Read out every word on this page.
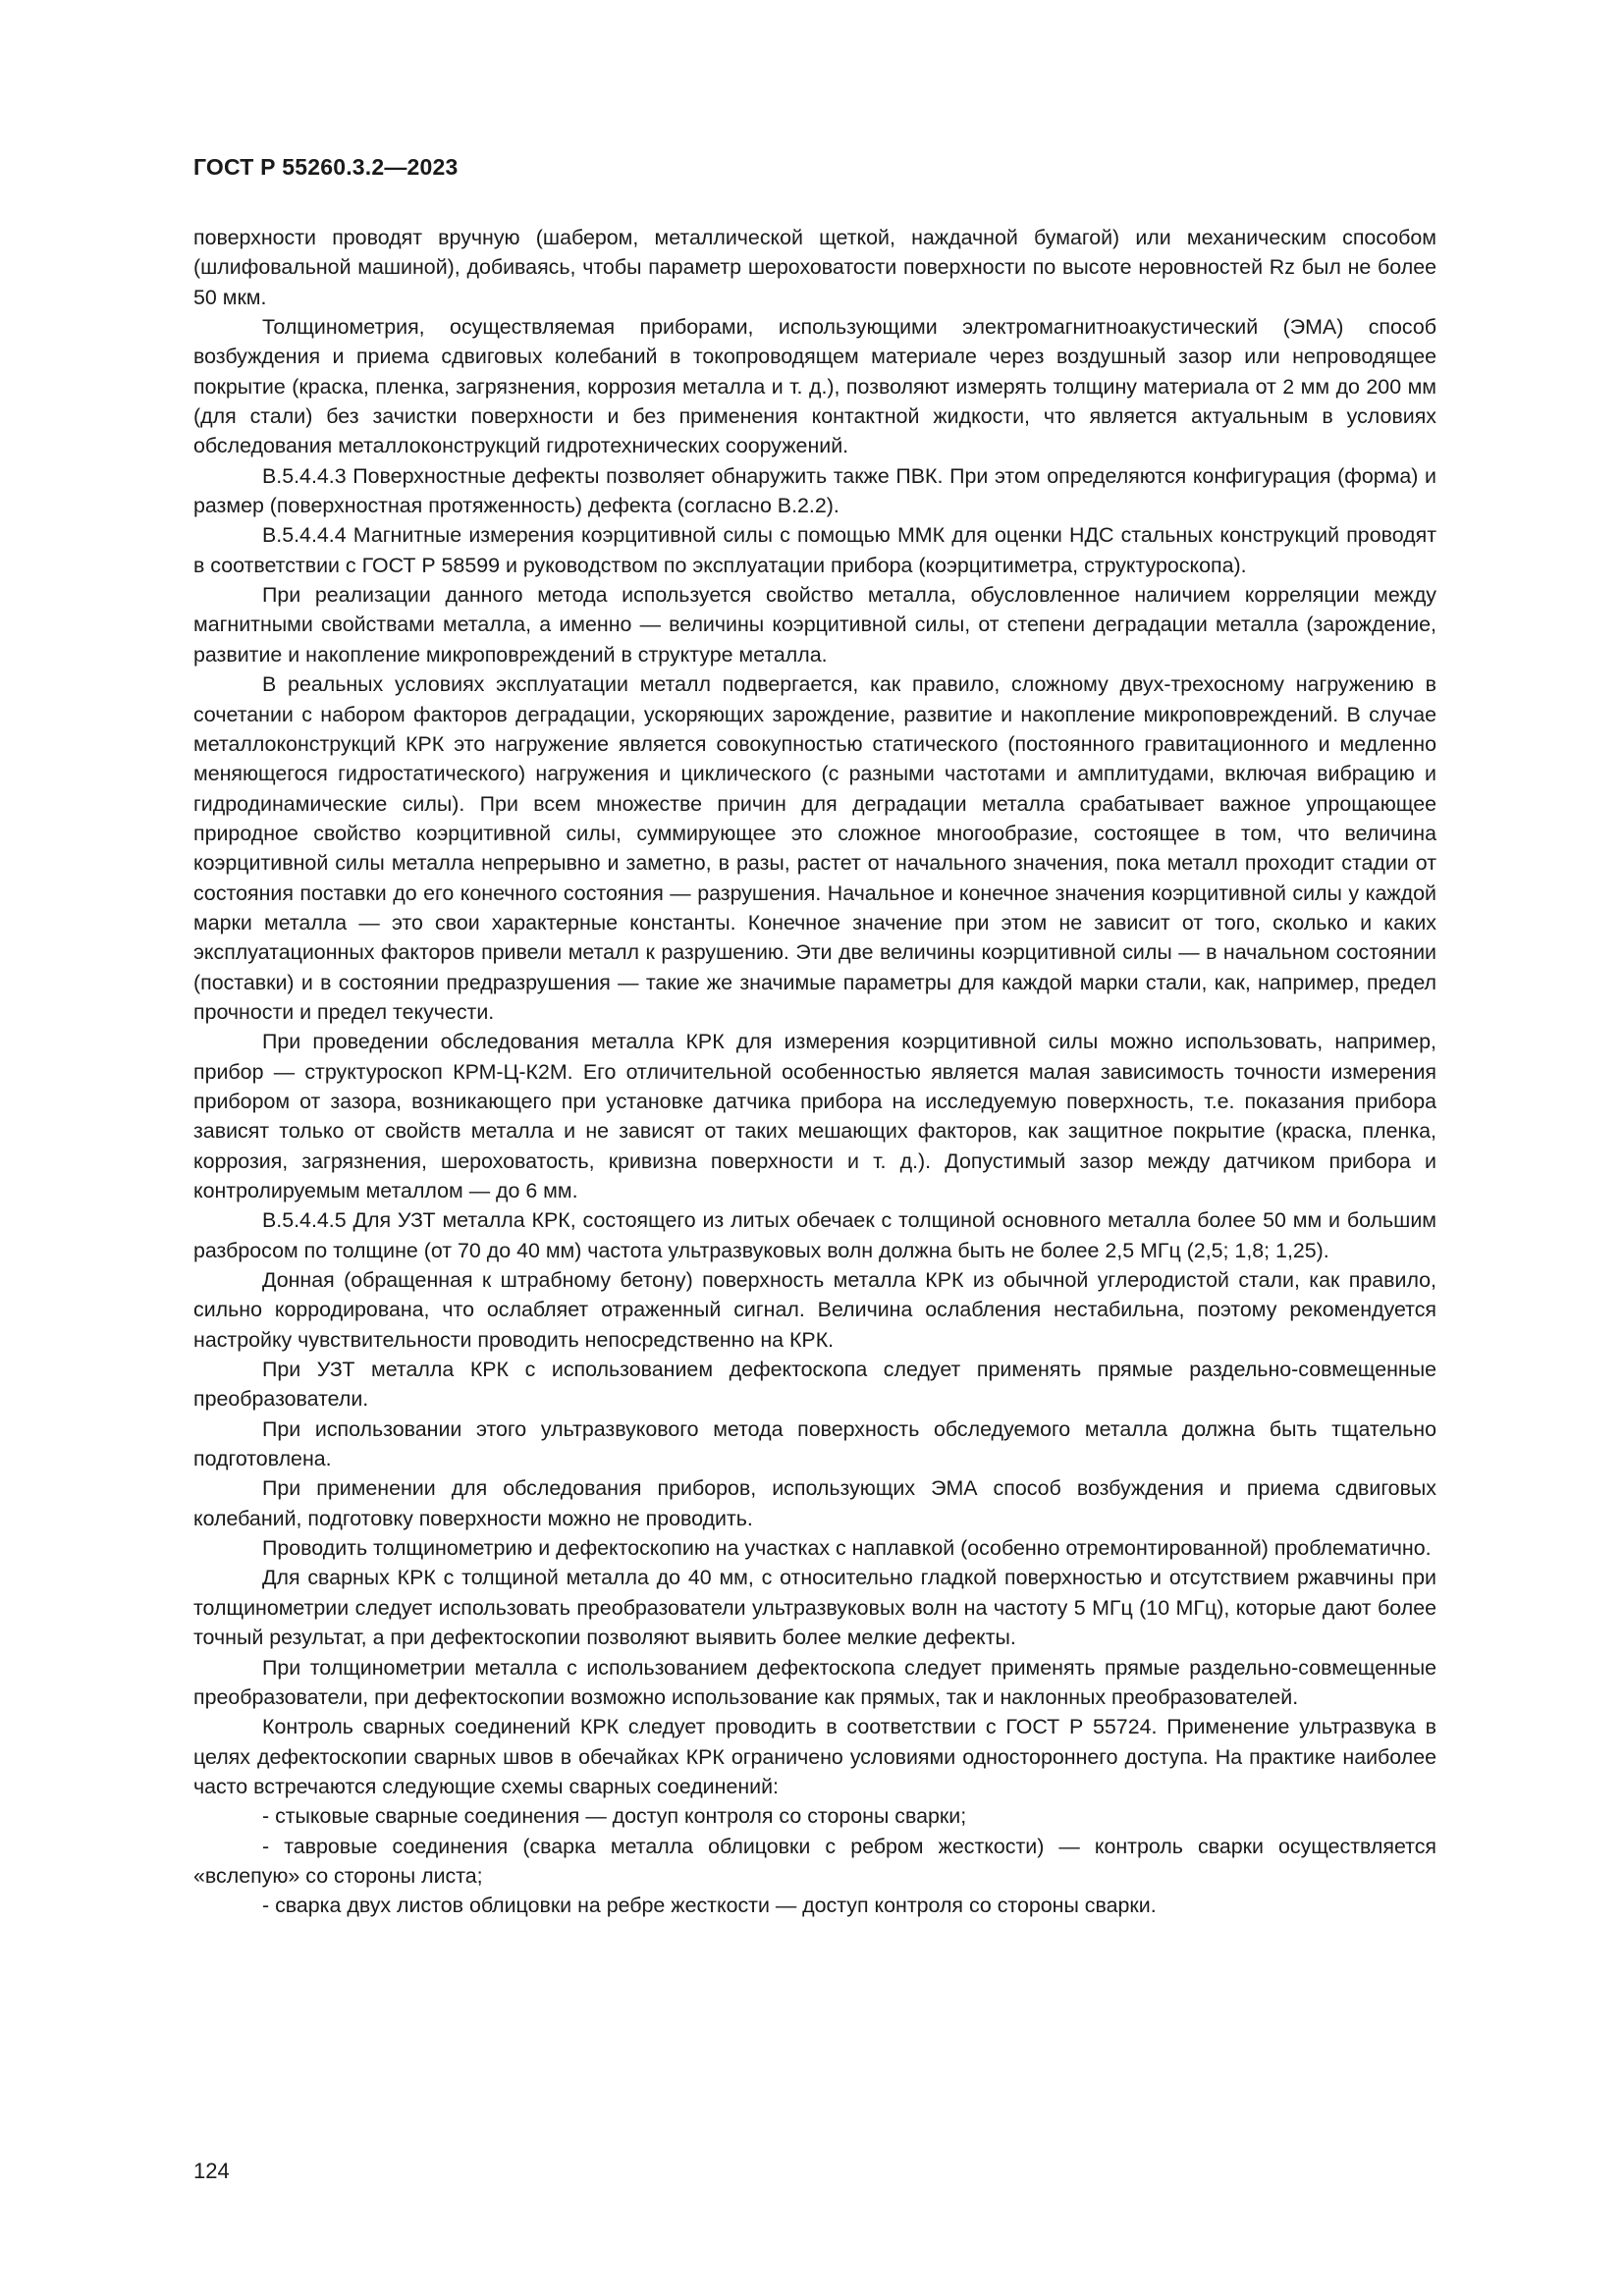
ГОСТ Р 55260.3.2—2023

поверхности проводят вручную (шабером, металлической щеткой, наждачной бумагой) или механическим способом (шлифовальной машиной), добиваясь, чтобы параметр шероховатости поверхности по высоте неровностей Rz был не более 50 мкм.

Толщинометрия, осуществляемая приборами, использующими электромагнитноакустический (ЭМА) способ возбуждения и приема сдвиговых колебаний в токопроводящем материале через воздушный зазор или непроводящее покрытие (краска, пленка, загрязнения, коррозия металла и т. д.), позволяют измерять толщину материала от 2 мм до 200 мм (для стали) без зачистки поверхности и без применения контактной жидкости, что является актуальным в условиях обследования металлоконструкций гидротехнических сооружений.

В.5.4.4.3 Поверхностные дефекты позволяет обнаружить также ПВК. При этом определяются конфигурация (форма) и размер (поверхностная протяженность) дефекта (согласно В.2.2).

В.5.4.4.4 Магнитные измерения коэрцитивной силы с помощью ММК для оценки НДС стальных конструкций проводят в соответствии с ГОСТ Р 58599 и руководством по эксплуатации прибора (коэрцитиметра, структуроскопа).

При реализации данного метода используется свойство металла, обусловленное наличием корреляции между магнитными свойствами металла, а именно — величины коэрцитивной силы, от степени деградации металла (зарождение, развитие и накопление микроповреждений в структуре металла.

В реальных условиях эксплуатации металл подвергается, как правило, сложному двух-трехосному нагружению в сочетании с набором факторов деградации, ускоряющих зарождение, развитие и накопление микроповреждений. В случае металлоконструкций КРК это нагружение является совокупностью статического (постоянного гравитационного и медленно меняющегося гидростатического) нагружения и циклического (с разными частотами и амплитудами, включая вибрацию и гидродинамические силы). При всем множестве причин для деградации металла срабатывает важное упрощающее природное свойство коэрцитивной силы, суммирующее это сложное многообразие, состоящее в том, что величина коэрцитивной силы металла непрерывно и заметно, в разы, растет от начального значения, пока металл проходит стадии от состояния поставки до его конечного состояния — разрушения. Начальное и конечное значения коэрцитивной силы у каждой марки металла — это свои характерные константы. Конечное значение при этом не зависит от того, сколько и каких эксплуатационных факторов привели металл к разрушению. Эти две величины коэрцитивной силы — в начальном состоянии (поставки) и в состоянии предразрушения — такие же значимые параметры для каждой марки стали, как, например, предел прочности и предел текучести.

При проведении обследования металла КРК для измерения коэрцитивной силы можно использовать, например, прибор — структуроскоп КРМ-Ц-К2М. Его отличительной особенностью является малая зависимость точности измерения прибором от зазора, возникающего при установке датчика прибора на исследуемую поверхность, т.е. показания прибора зависят только от свойств металла и не зависят от таких мешающих факторов, как защитное покрытие (краска, пленка, коррозия, загрязнения, шероховатость, кривизна поверхности и т. д.). Допустимый зазор между датчиком прибора и контролируемым металлом — до 6 мм.

В.5.4.4.5 Для УЗТ металла КРК, состоящего из литых обечаек с толщиной основного металла более 50 мм и большим разбросом по толщине (от 70 до 40 мм) частота ультразвуковых волн должна быть не более 2,5 МГц (2,5; 1,8; 1,25).

Донная (обращенная к штрабному бетону) поверхность металла КРК из обычной углеродистой стали, как правило, сильно корродирована, что ослабляет отраженный сигнал. Величина ослабления нестабильна, поэтому рекомендуется настройку чувствительности проводить непосредственно на КРК.

При УЗТ металла КРК с использованием дефектоскопа следует применять прямые раздельно-совмещенные преобразователи.

При использовании этого ультразвукового метода поверхность обследуемого металла должна быть тщательно подготовлена.

При применении для обследования приборов, использующих ЭМА способ возбуждения и приема сдвиговых колебаний, подготовку поверхности можно не проводить.

Проводить толщинометрию и дефектоскопию на участках с наплавкой (особенно отремонтированной) проблематично.

Для сварных КРК с толщиной металла до 40 мм, с относительно гладкой поверхностью и отсутствием ржавчины при толщинометрии следует использовать преобразователи ультразвуковых волн на частоту 5 МГц (10 МГц), которые дают более точный результат, а при дефектоскопии позволяют выявить более мелкие дефекты.

При толщинометрии металла с использованием дефектоскопа следует применять прямые раздельно-совмещенные преобразователи, при дефектоскопии возможно использование как прямых, так и наклонных преобразователей.

Контроль сварных соединений КРК следует проводить в соответствии с ГОСТ Р 55724. Применение ультразвука в целях дефектоскопии сварных швов в обечайках КРК ограничено условиями одностороннего доступа. На практике наиболее часто встречаются следующие схемы сварных соединений:

- стыковые сварные соединения — доступ контроля со стороны сварки;

- тавровые соединения (сварка металла облицовки с ребром жесткости) — контроль сварки осуществляется «вслепую» со стороны листа;

- сварка двух листов облицовки на ребре жесткости — доступ контроля со стороны сварки.

124
